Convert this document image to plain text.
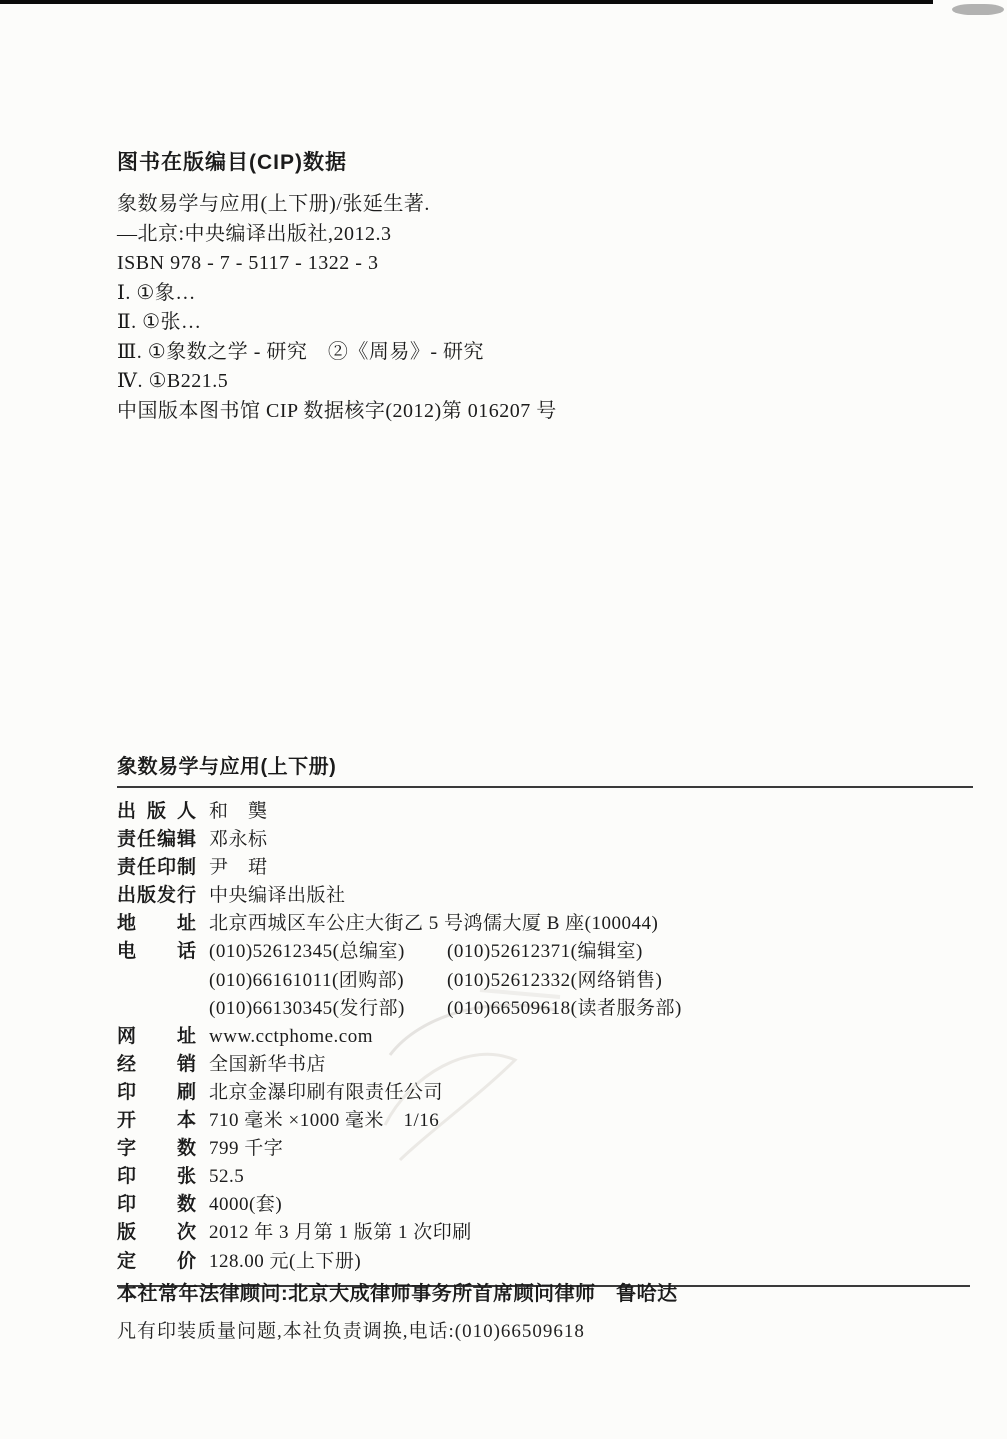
图书在版编目(CIP)数据
象数易学与应用(上下册)/张延生著.
—北京:中央编译出版社,2012.3
ISBN 978 - 7 - 5117 - 1322 - 3
Ⅰ. ①象…
Ⅱ. ①张…
Ⅲ. ①象数之学 - 研究　②《周易》- 研究
Ⅳ. ①B221.5
中国版本图书馆 CIP 数据核字(2012)第 016207 号
象数易学与应用(上下册)
出版人 和　龑
责任编辑 邓永标
责任印制 尹　珺
出版发行 中央编译出版社
地址 北京西城区车公庄大街乙 5 号鸿儒大厦 B 座(100044)
电话 (010)52612345(总编室)	(010)52612371(编辑室)
(010)66161011(团购部)	(010)52612332(网络销售)
(010)66130345(发行部)	(010)66509618(读者服务部)
网址 www.cctphome.com
经销 全国新华书店
印刷 北京金瀑印刷有限责任公司
开本 710 毫米 ×1000 毫米　1/16
字数 799 千字
印张 52.5
印数 4000(套)
版次 2012 年 3 月第 1 版第 1 次印刷
定价 128.00 元(上下册)
本社常年法律顾问:北京大成律师事务所首席顾问律师　鲁哈达
凡有印装质量问题,本社负责调换,电话:(010)66509618
